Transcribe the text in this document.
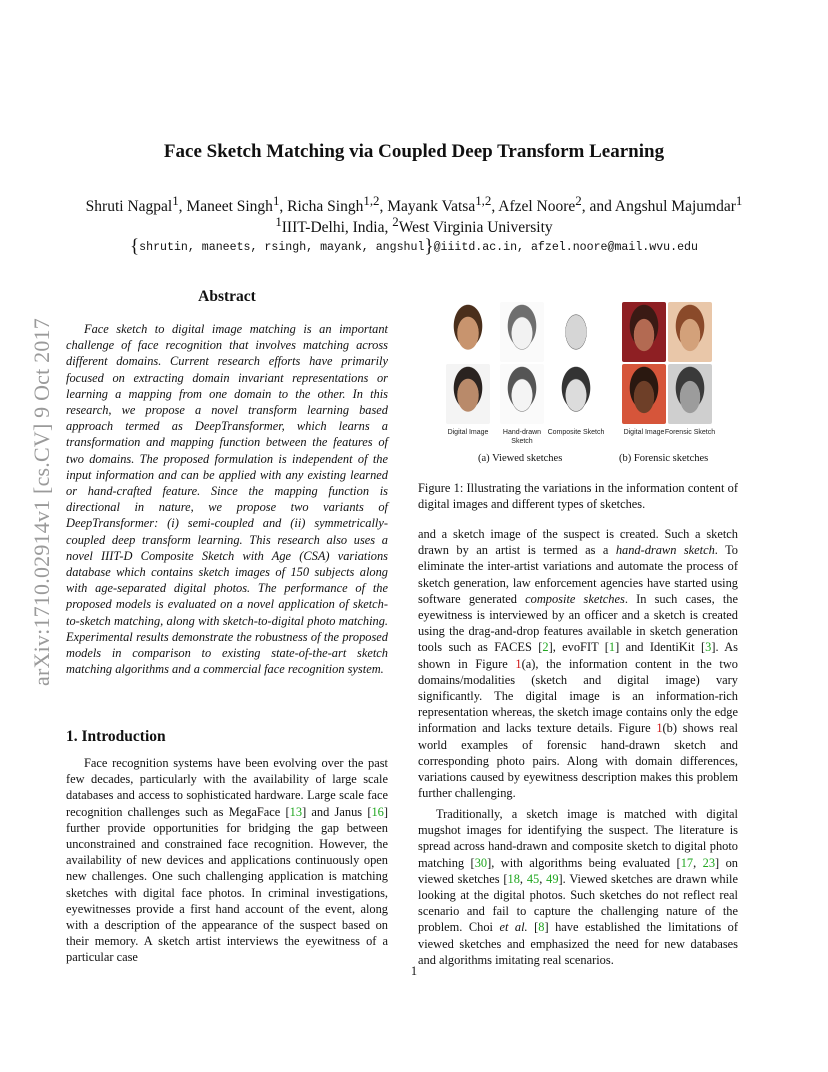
arXiv:1710.02914v1 [cs.CV] 9 Oct 2017
Face Sketch Matching via Coupled Deep Transform Learning
Shruti Nagpal$^1$, Maneet Singh$^1$, Richa Singh$^{1,2}$, Mayank Vatsa$^{1,2}$, Afzel Noore$^2$, and Angshul Majumdar$^1$
$^1$IIIT-Delhi, India, $^2$West Virginia University
{shrutin, maneets, rsingh, mayank, angshul}@iiitd.ac.in, afzel.noore@mail.wvu.edu
Abstract

Face sketch to digital image matching is an important challenge of face recognition that involves matching across different domains. Current research efforts have primarily focused on extracting domain invariant representations or learning a mapping from one domain to the other. In this research, we propose a novel transform learning based approach termed as DeepTransformer, which learns a transformation and mapping function between the features of two domains. The proposed formulation is independent of the input information and can be applied with any existing learned or hand-crafted feature. Since the mapping function is directional in nature, we propose two variants of DeepTransformer: (i) semi-coupled and (ii) symmetrically-coupled deep transform learning. This research also uses a novel IIIT-D Composite Sketch with Age (CSA) variations database which contains sketch images of 150 subjects along with age-separated digital photos. The performance of the proposed models is evaluated on a novel application of sketch-to-sketch matching, along with sketch-to-digital photo matching. Experimental results demonstrate the robustness of the proposed models in comparison to existing state-of-the-art sketch matching algorithms and a commercial face recognition system.

1. Introduction

Face recognition systems have been evolving over the past few decades, particularly with the availability of large scale databases and access to sophisticated hardware. Large scale face recognition challenges such as MegaFace [13] and Janus [16] further provide opportunities for bridging the gap between unconstrained and constrained face recognition. However, the availability of new devices and applications continuously open new challenges. One such challenging application is matching sketches with digital face photos. In criminal investigations, eyewitnesses provide a first hand account of the event, along with a description of the appearance of the suspect based on their memory. A sketch artist interviews the eyewitness of a particular case

Digital Image	Hand-drawn Sketch
Composite Sketch	Digital Image Forensic Sketch
(a) Viewed sketches	(b) Forensic sketches

Figure 1: Illustrating the variations in the information content of digital images and different types of sketches.

and a sketch image of the suspect is created. Such a sketch drawn by an artist is termed as a hand-drawn sketch. To eliminate the inter-artist variations and automate the process of sketch generation, law enforcement agencies have started using software generated composite sketches. In such cases, the eyewitness is interviewed by an officer and a sketch is created using the drag-and-drop features available in sketch generation tools such as FACES [2], evoFIT [1] and IdentiKit [3]. As shown in Figure 1(a), the information content in the two domains/modalities (sketch and digital image) vary significantly. The digital image is an information-rich representation whereas, the sketch image contains only the edge information and lacks texture details. Figure 1(b) shows real world examples of forensic hand-drawn sketch and corresponding photo pairs. Along with domain differences, variations caused by eyewitness description makes this problem further challenging.

Traditionally, a sketch image is matched with digital mugshot images for identifying the suspect. The literature is spread across hand-drawn and composite sketch to digital photo matching [30], with algorithms being evaluated [17, 23] on viewed sketches [18, 45, 49]. Viewed sketches are drawn while looking at the digital photos. Such sketches do not reflect real scenario and fail to capture the challenging nature of the problem. Choi et al. [8] have established the limitations of viewed sketches and emphasized the need for new databases and algorithms imitating real scenarios.

1
